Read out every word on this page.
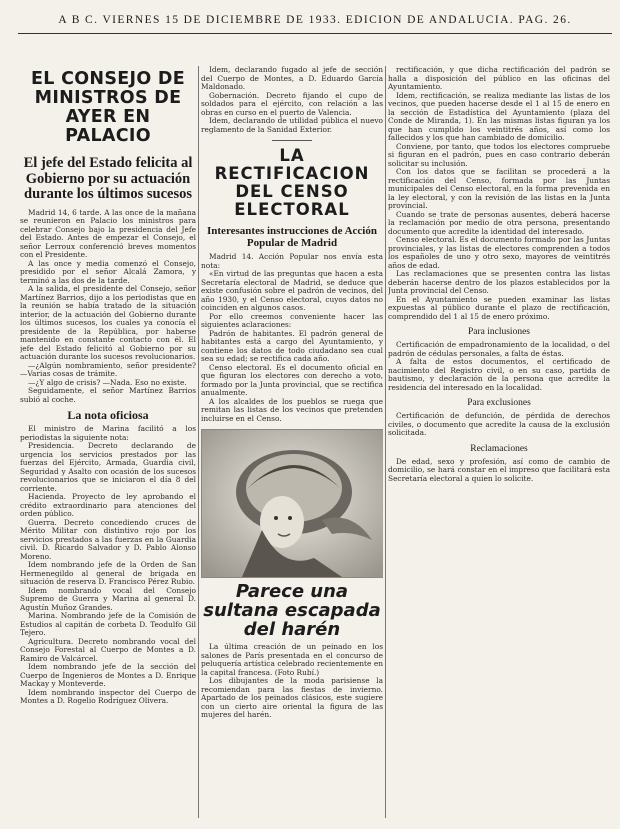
A B C. VIERNES 15 DE DICIEMBRE DE 1933. EDICION DE ANDALUCIA. PAG. 26.
EL CONSEJO DE MINISTROS DE AYER EN PALACIO
El jefe del Estado felicita al Gobierno por su actuación durante los últimos sucesos

Madrid 14, 6 tarde. A las once de la mañana se reunieron en Palacio los ministros para celebrar Consejo bajo la presidencia del Jefe del Estado. Antes de empezar el Consejo, el señor Lerroux conferenció breves momentos con el Presidente.

A las once y media comenzó el Consejo, presidido por el señor Alcalá Zamora, y terminó a las dos de la tarde.

A la salida, el presidente del Consejo, señor Martínez Barrios, dijo a los periodistas que en la reunión se había tratado de la situación interior, de la actuación del Gobierno durante los últimos sucesos, los cuales ya conocía el presidente de la República, por haberse mantenido en constante contacto con él. El jefe del Estado felicitó al Gobierno por su actuación durante los sucesos revolucionarios.

—¿Algún nombramiento, señor presidente? —Varias cosas de trámite.

—¿Y algo de crisis? —Nada. Eso no existe.

Seguidamente, el señor Martínez Barrios subió al coche.

La nota oficiosa

El ministro de Marina facilitó a los periodistas la siguiente nota:

Presidencia. Decreto declarando de urgencia los servicios prestados por las fuerzas del Ejército, Armada, Guardia civil, Seguridad y Asalto con ocasión de los sucesos revolucionarios que se iniciaron el día 8 del corriente.

Hacienda. Proyecto de ley aprobando el crédito extraordinario para atenciones del orden público.

Guerra. Decreto concediendo cruces de Mérito Militar con distintivo rojo por los servicios prestados a las fuerzas en la Guardia civil. D. Ricardo Salvador y D. Pablo Alonso Moreno.

Idem nombrando jefe de la Orden de San Hermenegildo al general de brigada en situación de reserva D. Francisco Pérez Rubio.

Idem nombrando vocal del Consejo Supremo de Guerra y Marina al general D. Agustín Muñoz Grandes.

Marina. Nombrando jefe de la Comisión de Estudios al capitán de corbeta D. Teodulfo Gil Tejero.

Agricultura. Decreto nombrando vocal del Consejo Forestal al Cuerpo de Montes a D. Ramiro de Valcárcel.

Idem nombrando jefe de la sección del Cuerpo de Ingenieros de Montes a D. Enrique Mackay y Monteverde.

Idem nombrando inspector del Cuerpo de Montes a D. Rogelio Rodríguez Olivera.

Idem, declarando fugado al jefe de sección del Cuerpo de Montes, a D. Eduardo García Maldonado.

Gobernación. Decreto fijando el cupo de soldados para el ejército, con relación a las obras en curso en el puerto de Valencia.

Idem, declarando de utilidad pública el nuevo reglamento de la Sanidad Exterior.

LA RECTIFICACION DEL CENSO ELECTORAL
Interesantes instrucciones de Acción Popular de Madrid

Madrid 14. Acción Popular nos envía esta nota:

«En virtud de las preguntas que hacen a esta Secretaría electoral de Madrid, se deduce que existe confusión sobre el padrón de vecinos, del año 1930, y el Censo electoral, cuyos datos no coinciden en algunos casos.

Por ello creemos conveniente hacer las siguientes aclaraciones:

Padrón de habitantes. El padrón general de habitantes está a cargo del Ayuntamiento, y contiene los datos de todo ciudadano sea cual sea su edad; se rectifica cada año.

Censo electoral. Es el documento oficial en que figuran los electores con derecho a voto, formado por la Junta provincial, que se rectifica anualmente.

A los alcaldes de los pueblos se ruega que remitan las listas de los vecinos que pretenden incluirse en el Censo.

Parece una sultana escapada del harén

La última creación de un peinado en los salones de París presentada en el concurso de peluquería artística celebrado recientemente en la capital francesa. (Foto Rubí.)

Los dibujantes de la moda parisiense la recomiendan para las fiestas de invierno. Apartado de los peinados clásicos, este sugiere con un cierto aire oriental la figura de las mujeres del harén.

rectificación, y que dicha rectificación del padrón se halla a disposición del público en las oficinas del Ayuntamiento.

Idem, rectificación, se realiza mediante las listas de los vecinos, que pueden hacerse desde el 1 al 15 de enero en la sección de Estadística del Ayuntamiento (plaza del Conde de Miranda, 1). En las mismas listas figuran ya los que han cumplido los veintitrés años, así como los fallecidos y los que han cambiado de domicilio.

Conviene, por tanto, que todos los electores compruebe si figuran en el padrón, pues en caso contrario deberán solicitar su inclusión.

Con los datos que se facilitan se procederá a la rectificación del Censo, formada por las Juntas municipales del Censo electoral, en la forma prevenida en la ley electoral, y con la revisión de las listas en la Junta provincial.

Cuando se trate de personas ausentes, deberá hacerse la reclamación por medio de otra persona, presentando documento que acredite la identidad del interesado.

Censo electoral. Es el documento formado por las Juntas provinciales, y las listas de electores comprenden a todos los españoles de uno y otro sexo, mayores de veintitrés años de edad.

Las reclamaciones que se presenten contra las listas deberán hacerse dentro de los plazos establecidos por la Junta provincial del Censo.

En el Ayuntamiento se pueden examinar las listas expuestas al público durante el plazo de rectificación, comprendido del 1 al 15 de enero próximo.

Para inclusiones

Certificación de empadronamiento de la localidad, o del padrón de cédulas personales, a falta de éstas.

A falta de estos documentos, el certificado de nacimiento del Registro civil, o en su caso, partida de bautismo, y declaración de la persona que acredite la residencia del interesado en la localidad.

Para exclusiones

Certificación de defunción, de pérdida de derechos civiles, o documento que acredite la causa de la exclusión solicitada.

Reclamaciones

De edad, sexo y profesión, así como de cambio de domicilio, se hará constar en el impreso que facilitará esta Secretaría electoral a quien lo solicite.
